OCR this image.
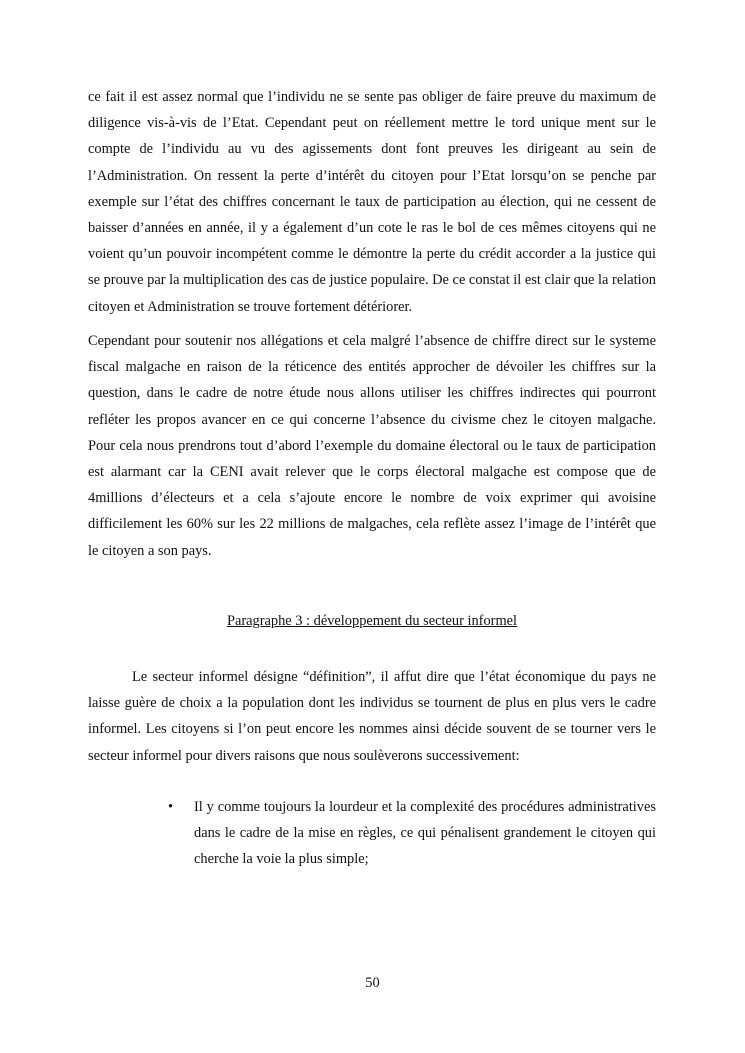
ce fait il est assez normal que l’individu ne se sente pas obliger de faire preuve du maximum de diligence vis-à-vis de l’Etat. Cependant peut on réellement mettre le tord unique ment sur le compte de l’individu au vu des agissements dont font preuves les dirigeant au sein de l’Administration. On ressent la perte d’intérêt du citoyen pour l’Etat lorsqu’on se penche par exemple sur l’état des chiffres concernant le taux de participation au élection, qui ne cessent de baisser d’années en année, il y a également d’un cote le ras le bol de ces mêmes citoyens qui ne voient qu’un pouvoir incompétent comme le démontre la perte du crédit accorder a la justice qui se prouve par la multiplication des cas de justice populaire. De ce constat il est clair que la relation citoyen et Administration se trouve fortement détériorer.

Cependant pour soutenir nos allégations et cela malgré l’absence de chiffre direct sur le systeme fiscal malgache en raison de la réticence des entités approcher de dévoiler les chiffres sur la question, dans le cadre de notre étude nous allons utiliser les chiffres indirectes qui pourront refléter les propos avancer en ce qui concerne l’absence du civisme chez le citoyen malgache. Pour cela nous prendrons tout d’abord l’exemple du domaine électoral ou le taux de participation est alarmant car la CENI avait relever que le corps électoral malgache est compose que de 4millions d’électeurs et a cela s’ajoute encore le nombre de voix exprimer qui avoisine difficilement les 60% sur les 22 millions de malgaches, cela reflète assez l’image de l’intérêt que le citoyen a son pays.

Paragraphe 3 : développement du secteur informel

Le secteur informel désigne “définition”, il affut dire que l’état économique du pays ne laisse guère de choix a la population dont les individus se tournent de plus en plus vers le cadre informel. Les citoyens si l’on peut encore les nommes ainsi décide souvent de se tourner vers le secteur informel pour divers raisons que nous soulèverons successivement:

• Il y comme toujours la lourdeur et la complexité des procédures administratives dans le cadre de la mise en règles, ce qui pénalisent grandement le citoyen qui cherche la voie la plus simple;

50
